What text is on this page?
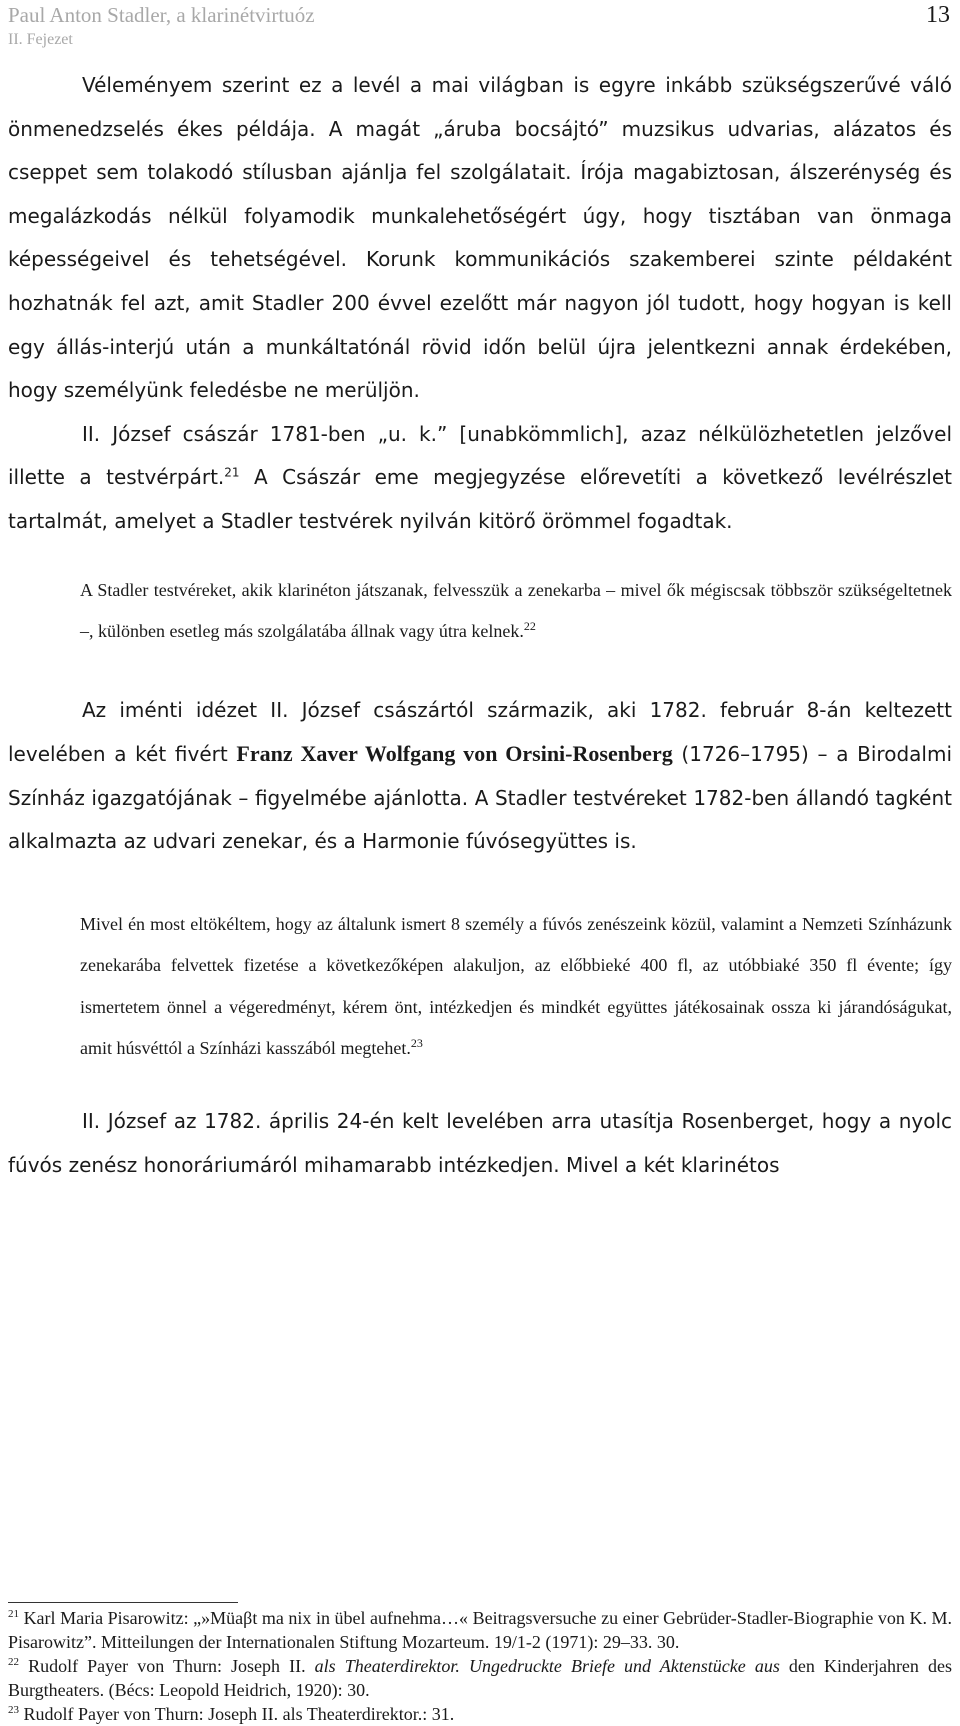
Paul Anton Stadler, a klarinétvirtuóz
II. Fejezet
13

Véleményem szerint ez a levél a mai világban is egyre inkább szükségszerűvé váló önmenedzselés ékes példája. A magát „áruba bocsájtó” muzsikus udvarias, alázatos és cseppet sem tolakodó stílusban ajánlja fel szolgálatait. Írója magabiztosan, álszerénység és megalázkodás nélkül folyamodik munkalehetőségért úgy, hogy tisztában van önmaga képességeivel és tehetségével. Korunk kommunikációs szakemberei szinte példaként hozhatnák fel azt, amit Stadler 200 évvel ezelőtt már nagyon jól tudott, hogy hogyan is kell egy állás-interjú után a munkáltatónál rövid időn belül újra jelentkezni annak érdekében, hogy személyünk feledésbe ne merüljön.

II. József császár 1781-ben „u. k.” [unabkömmlich], azaz nélkülözhetetlen jelzővel illette a testvérpárt.$^{21}$ A Császár eme megjegyzése előrevetíti a következő levélrészlet tartalmát, amelyet a Stadler testvérek nyilván kitörő örömmel fogadtak.

A Stadler testvéreket, akik klarinéton játszanak, felvesszük a zenekarba – mivel ők mégiscsak többször szükségeltetnek –, különben esetleg más szolgálatába állnak vagy útra kelnek.$^{22}$

Az iménti idézet II. József császártól származik, aki 1782. február 8-án keltezett levelében a két fivért Franz Xaver Wolfgang von Orsini-Rosenberg (1726–1795) – a Birodalmi Színház igazgatójának – figyelmébe ajánlotta. A Stadler testvéreket 1782-ben állandó tagként alkalmazta az udvari zenekar, és a Harmonie fúvósegyüttes is.

Mivel én most eltökéltem, hogy az általunk ismert 8 személy a fúvós zenészeink közül, valamint a Nemzeti Színházunk zenekarába felvettek fizetése a következőképen alakuljon, az előbbieké 400 fl, az utóbbiaké 350 fl évente; így ismertetem önnel a végeredményt, kérem önt, intézkedjen és mindkét együttes játékosainak ossza ki járandóságukat, amit húsvéttól a Színházi kasszából megtehet.$^{23}$

II. József az 1782. április 24-én kelt levelében arra utasítja Rosenberget, hogy a nyolc fúvós zenész honoráriumáról mihamarabb intézkedjen. Mivel a két klarinétos

$^{21}$ Karl Maria Pisarowitz: „»Müaβt ma nix in übel aufnehma…« Beitragsversuche zu einer Gebrüder-Stadler-Biographie von K. M. Pisarowitz”. Mitteilungen der Internationalen Stiftung Mozarteum. 19/1-2 (1971): 29–33. 30.

$^{22}$ Rudolf Payer von Thurn: Joseph II. als Theaterdirektor. Ungedruckte Briefe und Aktenstücke aus den Kinderjahren des Burgtheaters. (Bécs: Leopold Heidrich, 1920): 30.

$^{23}$ Rudolf Payer von Thurn: Joseph II. als Theaterdirektor.: 31.
